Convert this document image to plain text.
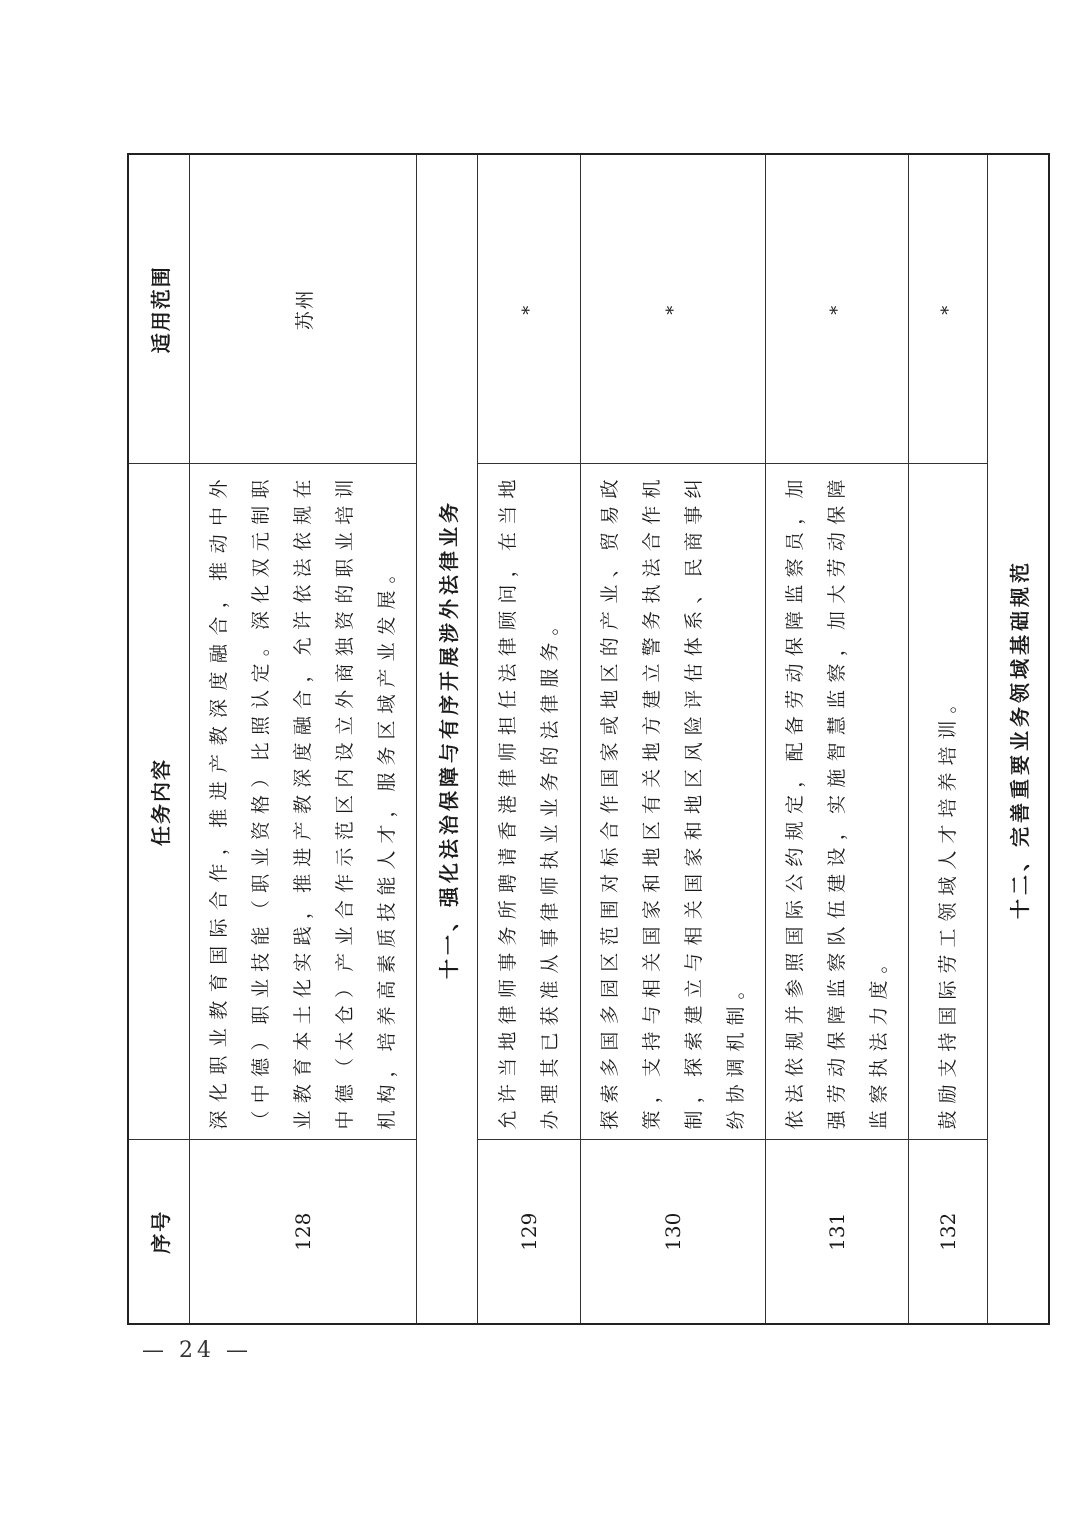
序号	任务内容	适用范围
128	深化职业教育国际合作，推进产教深度融合，推动中外（中德）职业技能（职业资格）比照认定。深化双元制职业教育本土化实践，推进产教深度融合，允许依法依规在中德（太仓）产业合作示范区内设立外商独资的职业培训机构，培养高素质技能人才，服务区域产业发展。	苏州
十一、强化法治保障与有序开展涉外法律业务		
129	允许当地律师事务所聘请香港律师担任法律顾问，在当地办理其已获准从事律师执业业务的法律服务。	*
130	探索多国多园区范围对标合作国家或地区的产业、贸易政策，支持与相关国家和地区有关地方建立警务执法合作机制，探索建立与相关国家和地区风险评估体系、民商事纠纷协调机制。	*
131	依法依规并参照国际公约规定，配备劳动保障监察员，加强劳动保障监察队伍建设，实施智慧监察，加大劳动保障监察执法力度。	*
132	鼓励支持国际劳工领域人才培养培训。	*
十二、完善重要业务领域基础规范		
— 24 —
